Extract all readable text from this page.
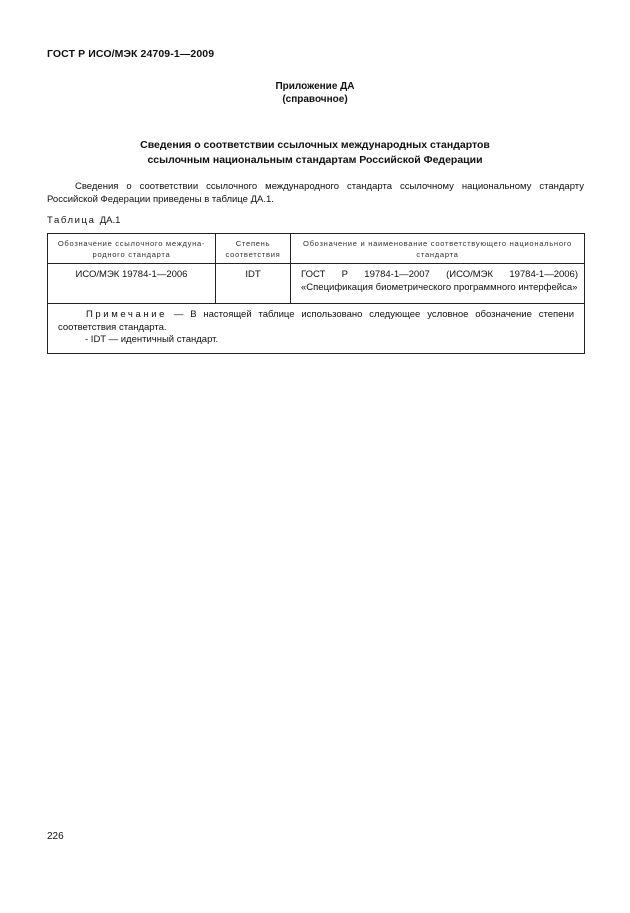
ГОСТ Р ИСО/МЭК 24709-1—2009
Приложение ДА
(справочное)
Сведения о соответствии ссылочных международных стандартов
ссылочным национальным стандартам Российской Федерации
Сведения о соответствии ссылочного международного стандарта ссылочному национальному стандарту Российской Федерации приведены в таблице ДА.1.
Таблица ДА.1
Обозначение ссылочного междуна-родного стандарта	Степень соответствия	Обозначение и наименование соответствующего национального стандарта
ИСО/МЭК 19784-1—2006	IDT	ГОСТ Р 19784-1—2007 (ИСО/МЭК 19784-1—2006) «Спецификация биометрического программного интерфейса»

Примечание — В настоящей таблице использовано следующее условное обозначение степени соответствия стандарта.
- IDT — идентичный стандарт.		
226
